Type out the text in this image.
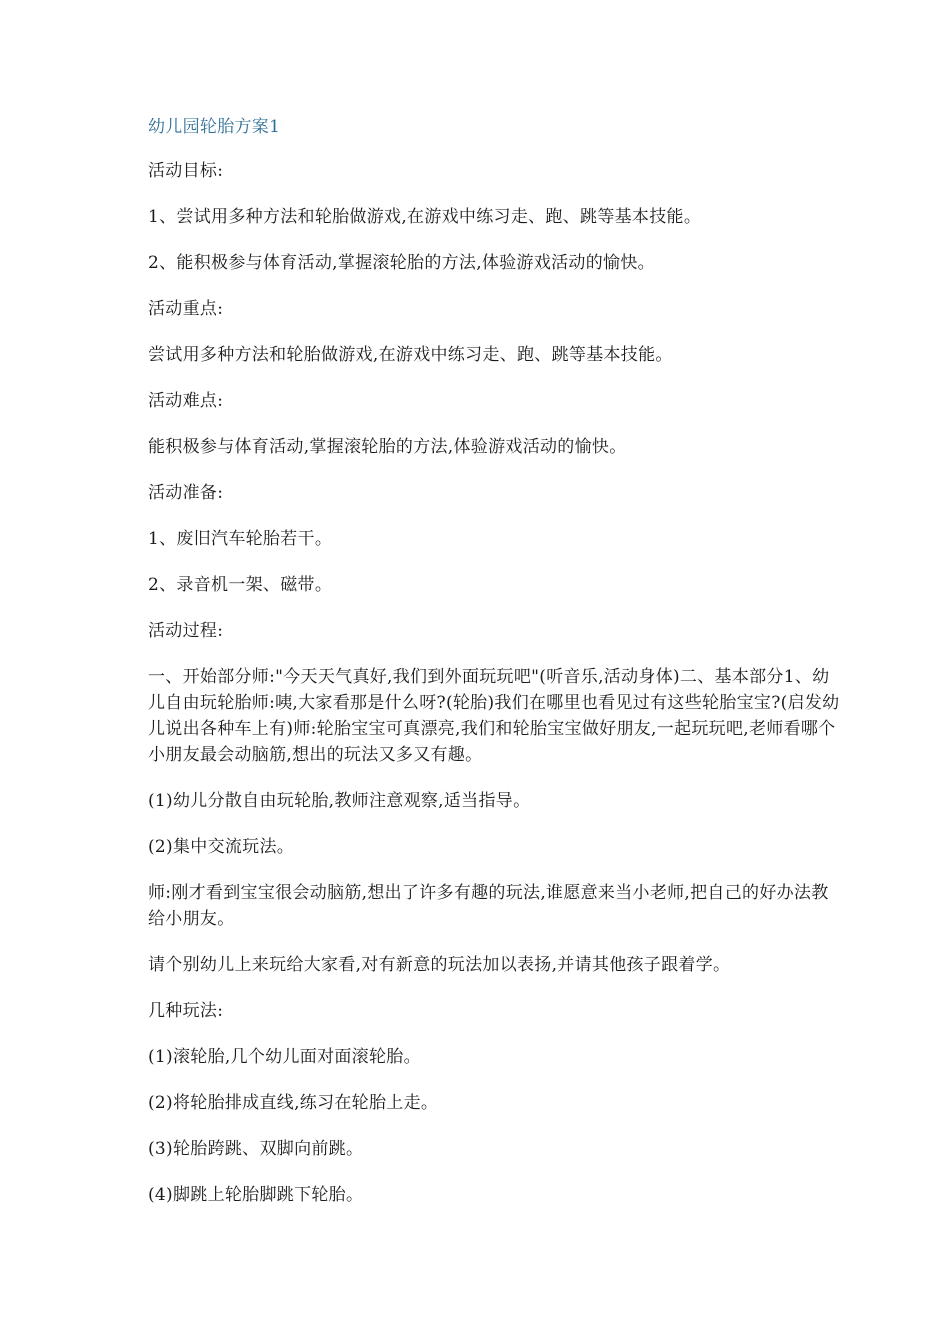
幼儿园轮胎方案1
活动目标:
1、尝试用多种方法和轮胎做游戏,在游戏中练习走、跑、跳等基本技能。
2、能积极参与体育活动,掌握滚轮胎的方法,体验游戏活动的愉快。
活动重点:
尝试用多种方法和轮胎做游戏,在游戏中练习走、跑、跳等基本技能。
活动难点:
能积极参与体育活动,掌握滚轮胎的方法,体验游戏活动的愉快。
活动准备:
1、废旧汽车轮胎若干。
2、录音机一架、磁带。
活动过程:
一、开始部分师:"今天天气真好,我们到外面玩玩吧"(听音乐,活动身体)二、基本部分1、幼儿自由玩轮胎师:咦,大家看那是什么呀?(轮胎)我们在哪里也看见过有这些轮胎宝宝?(启发幼儿说出各种车上有)师:轮胎宝宝可真漂亮,我们和轮胎宝宝做好朋友,一起玩玩吧,老师看哪个小朋友最会动脑筋,想出的玩法又多又有趣。
(1)幼儿分散自由玩轮胎,教师注意观察,适当指导。
(2)集中交流玩法。
师:刚才看到宝宝很会动脑筋,想出了许多有趣的玩法,谁愿意来当小老师,把自己的好办法教给小朋友。
请个别幼儿上来玩给大家看,对有新意的玩法加以表扬,并请其他孩子跟着学。
几种玩法:
(1)滚轮胎,几个幼儿面对面滚轮胎。
(2)将轮胎排成直线,练习在轮胎上走。
(3)轮胎跨跳、双脚向前跳。
(4)脚跳上轮胎脚跳下轮胎。
